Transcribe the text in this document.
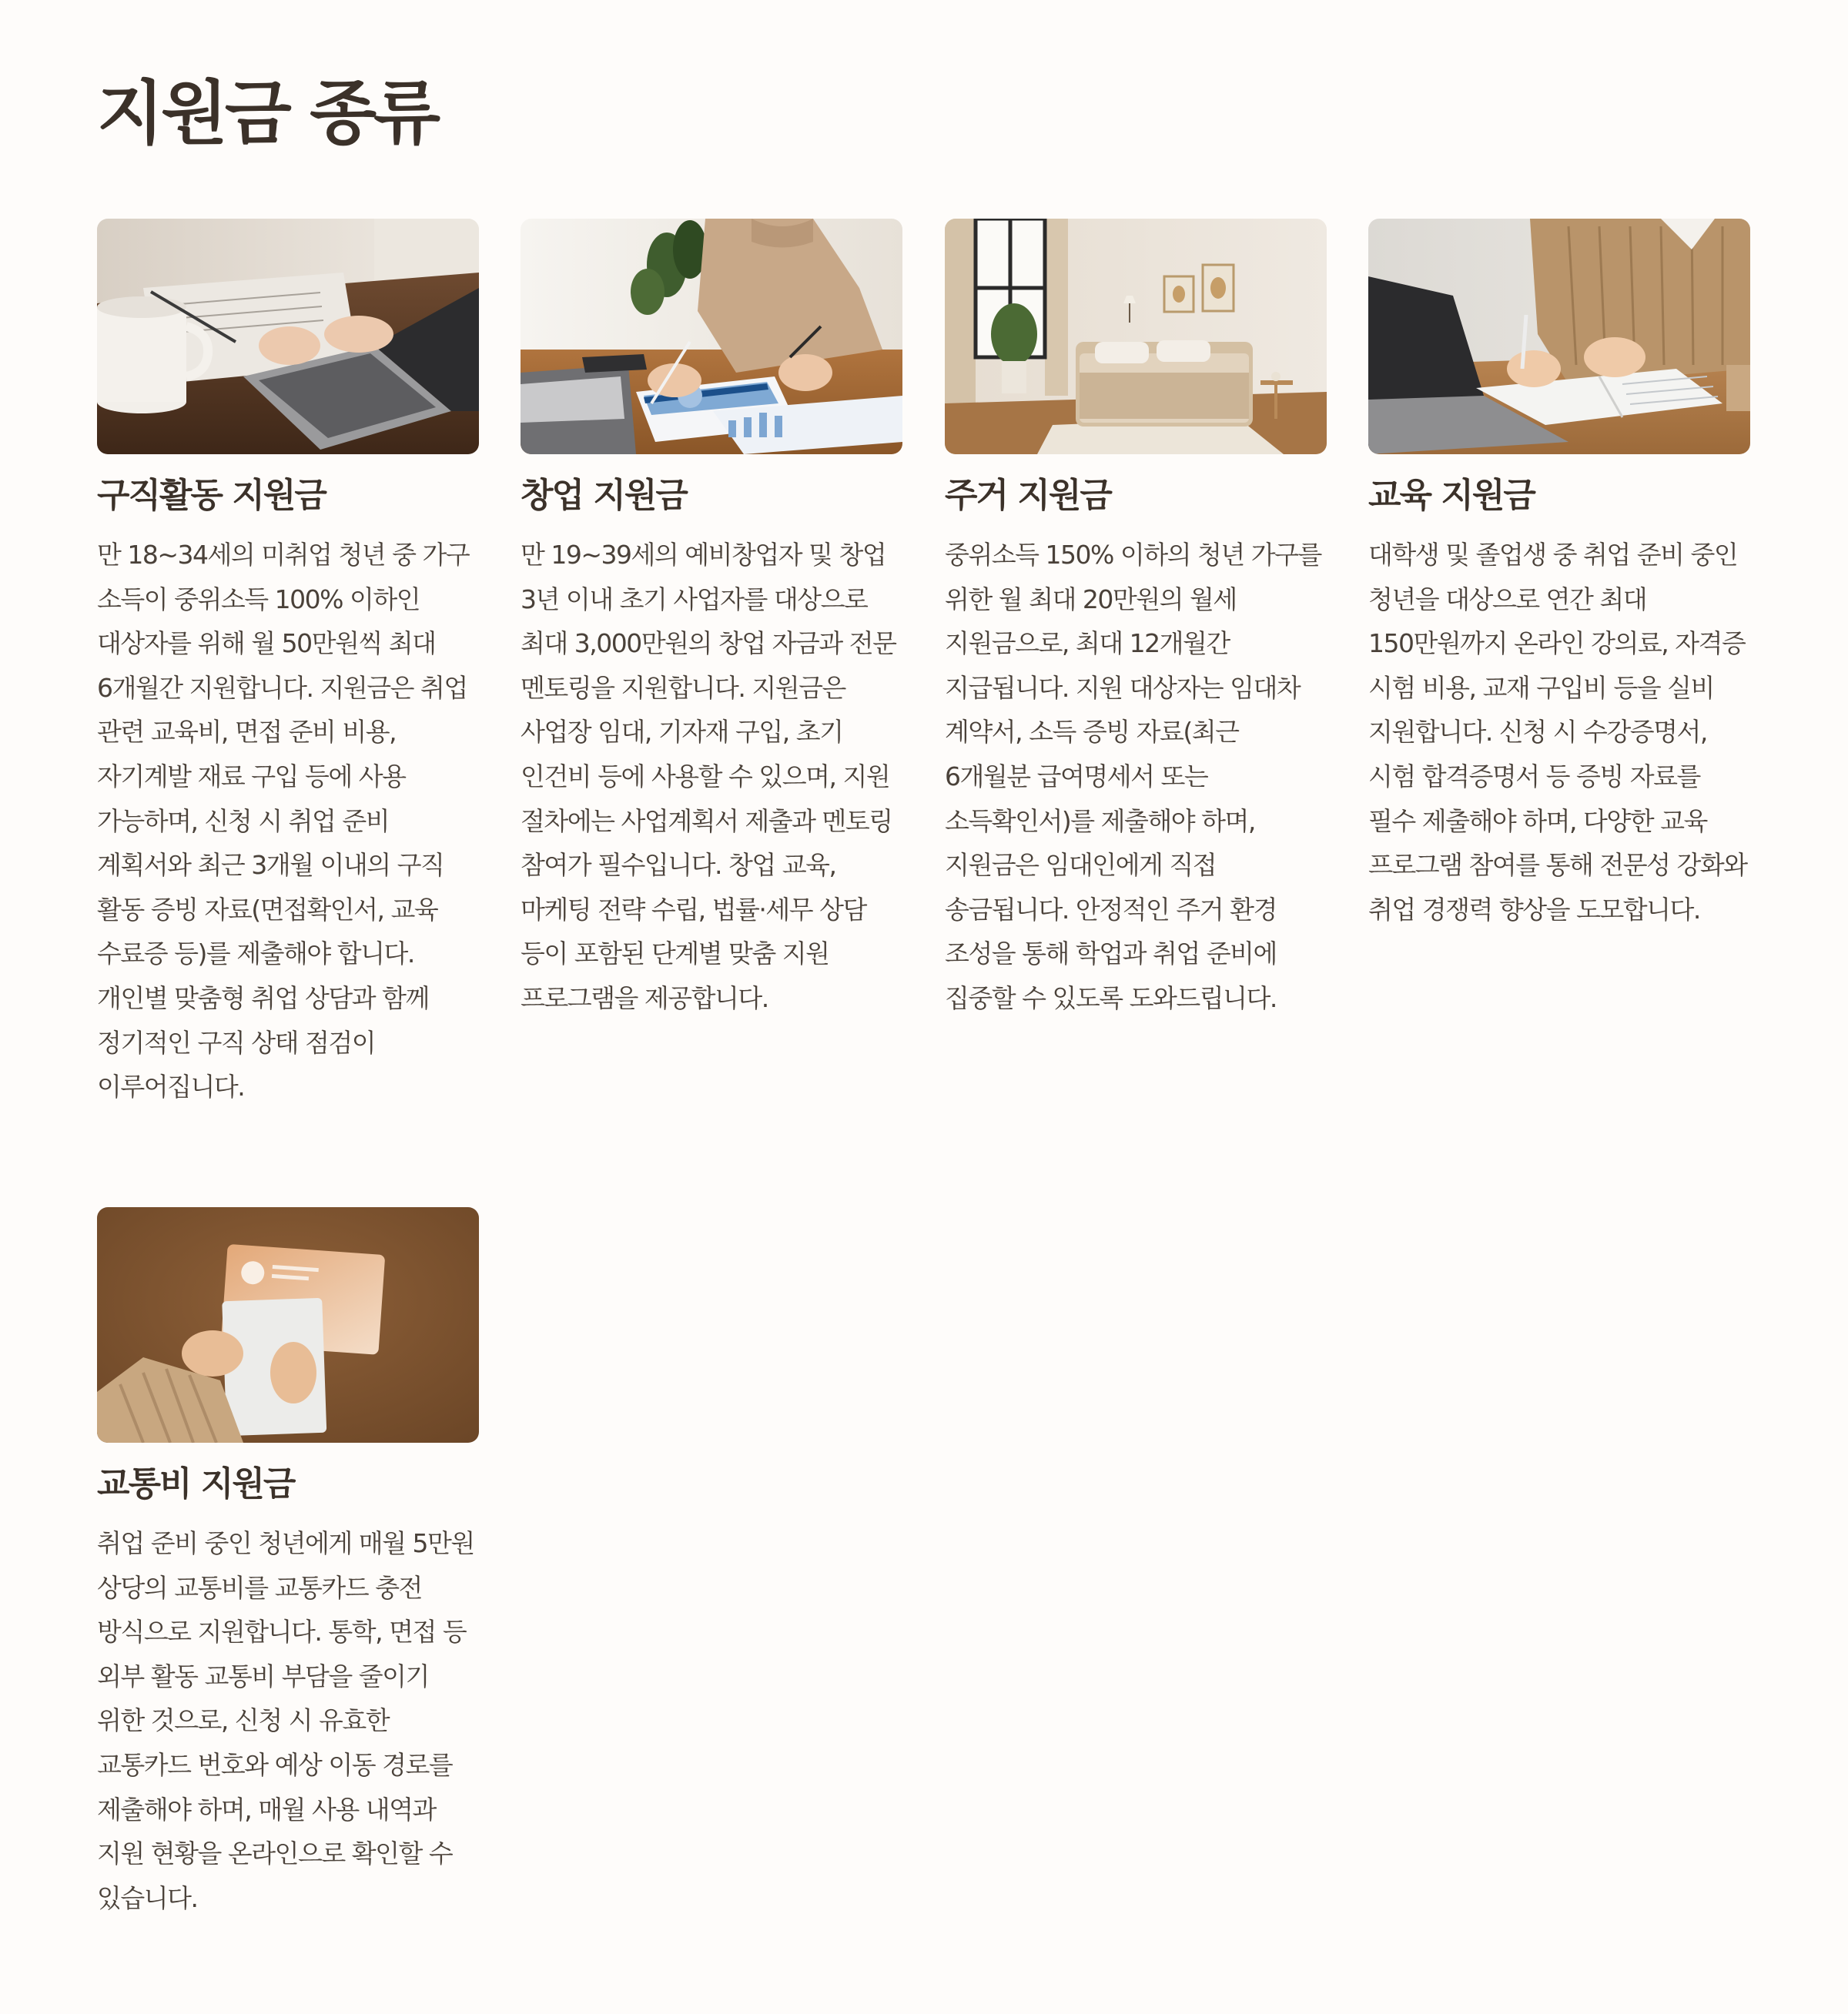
지원금 종류
구직활동 지원금

만 18~34세의 미취업 청년 중 가구 소득이 중위소득 100% 이하인 대상자를 위해 월 50만원씩 최대 6개월간 지원합니다. 지원금은 취업 관련 교육비, 면접 준비 비용, 자기계발 재료 구입 등에 사용 가능하며, 신청 시 취업 준비 계획서와 최근 3개월 이내의 구직 활동 증빙 자료(면접확인서, 교육 수료증 등)를 제출해야 합니다. 개인별 맞춤형 취업 상담과 함께 정기적인 구직 상태 점검이 이루어집니다.

창업 지원금

만 19~39세의 예비창업자 및 창업 3년 이내 초기 사업자를 대상으로 최대 3,000만원의 창업 자금과 전문 멘토링을 지원합니다. 지원금은 사업장 임대, 기자재 구입, 초기 인건비 등에 사용할 수 있으며, 지원 절차에는 사업계획서 제출과 멘토링 참여가 필수입니다. 창업 교육, 마케팅 전략 수립, 법률·세무 상담 등이 포함된 단계별 맞춤 지원 프로그램을 제공합니다.

주거 지원금

중위소득 150% 이하의 청년 가구를 위한 월 최대 20만원의 월세 지원금으로, 최대 12개월간 지급됩니다. 지원 대상자는 임대차 계약서, 소득 증빙 자료(최근 6개월분 급여명세서 또는 소득확인서)를 제출해야 하며, 지원금은 임대인에게 직접 송금됩니다. 안정적인 주거 환경 조성을 통해 학업과 취업 준비에 집중할 수 있도록 도와드립니다.

교육 지원금

대학생 및 졸업생 중 취업 준비 중인 청년을 대상으로 연간 최대 150만원까지 온라인 강의료, 자격증 시험 비용, 교재 구입비 등을 실비 지원합니다. 신청 시 수강증명서, 시험 합격증명서 등 증빙 자료를 필수 제출해야 하며, 다양한 교육 프로그램 참여를 통해 전문성 강화와 취업 경쟁력 향상을 도모합니다.

교통비 지원금

취업 준비 중인 청년에게 매월 5만원 상당의 교통비를 교통카드 충전 방식으로 지원합니다. 통학, 면접 등 외부 활동 교통비 부담을 줄이기 위한 것으로, 신청 시 유효한 교통카드 번호와 예상 이동 경로를 제출해야 하며, 매월 사용 내역과 지원 현황을 온라인으로 확인할 수 있습니다.
